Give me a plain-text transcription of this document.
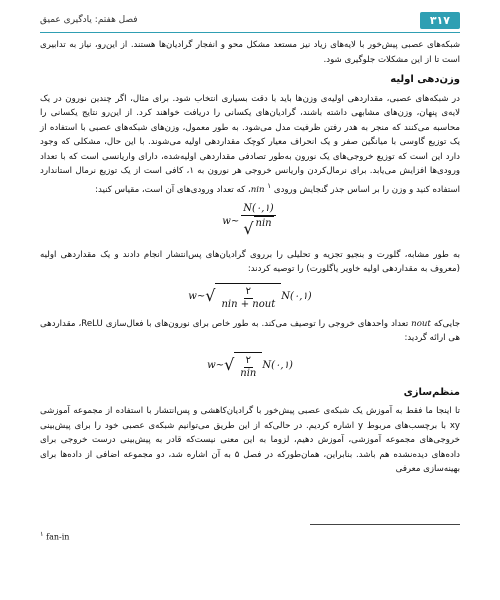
۳۱۷
فصل هفتم: یادگیری عمیق

شبکه‌های عصبی پیش‌خور با لایه‌های زیاد نیز مستعد مشکل محو و انفجار گرادیان‌ها هستند. از این‌رو، نیاز به تدابیری است تا از این مشکلات جلوگیری شود.

وزن‌دهی اولیه

در شبکه‌های عصبی، مقداردهی اولیه‌ی وزن‌ها باید با دقت بسیاری انتخاب شود. برای مثال، اگر چندین نورون در یک لایه‌ی پنهان، وزن‌های مشابهی داشته باشند، گرادیان‌های یکسانی را دریافت خواهند کرد. از این‌رو نتایج یکسانی را محاسبه می‌کنند که منجر به هدر رفتن ظرفیت مدل می‌شود. به طور معمول، وزن‌های شبکه‌های عصبی با استفاده از یک توزیع گاوسی با میانگین صفر و یک انحراف معیار کوچک مقداردهی اولیه می‌شوند. با این حال، مشکلی که وجود دارد این است که توزیع خروجی‌های یک نورون به‌طور تصادفی مقداردهی اولیه‌شده، دارای واریانسی است که با تعداد ورودی‌ها افزایش می‌یابد. برای نرمال‌کردن واریانس خروجی هر نورون به ۱، کافی است از یک توزیع نرمال استاندارد استفاده کنید و وزن را بر اساس جذر گنجایش ورودی $^۱$ nin، که تعداد ورودی‌های آن است، مقیاس کنید:

w ~ $\frac{N(۰,۱)}{\text{√ nin}}$

به طور مشابه، گلورت و بنجیو تجزیه و تحلیلی را برروی گرادیان‌های پس‌انتشار انجام دادند و یک مقداردهی اولیه (معروف به مقداردهی اولیه خاویر یاگلورت) را توصیه کردند:

w ~ √ $\frac{۲}{\text{nin + nout}}$ N(۰,۱)

جایی‌که nout تعداد واحدهای خروجی را توصیف می‌کند. به طور خاص برای نورون‌های با فعال‌سازی ReLU، مقداردهی هی ارائه گردید:

w ~ √ $\frac{۲}{\text{nin}}$ N(۰,۱)
منظم‌سازی

تا اینجا ما فقط به آموزش یک شبکه‌ی عصبی پیش‌خور با گرادیان‌کاهشی و پس‌انتشار با استفاده از مجموعه آموزشی xy با برچسب‌های مربوط y اشاره کردیم. در حالی‌که از این طریق می‌توانیم شبکه‌ی عصبی خود را برای پیش‌بینی خروجی‌های مجموعه آموزشی، آموزش دهیم، لزوما به این معنی نیست‌که قادر به پیش‌بینی درست خروجی برای داده‌های دیده‌نشده هم باشد. بنابراین، همان‌طورکه در فصل ۵ به آن اشاره شد، دو مجموعه اضافی از داده‌ها برای بهینه‌سازی معرفی

$^۱$ fan-in
